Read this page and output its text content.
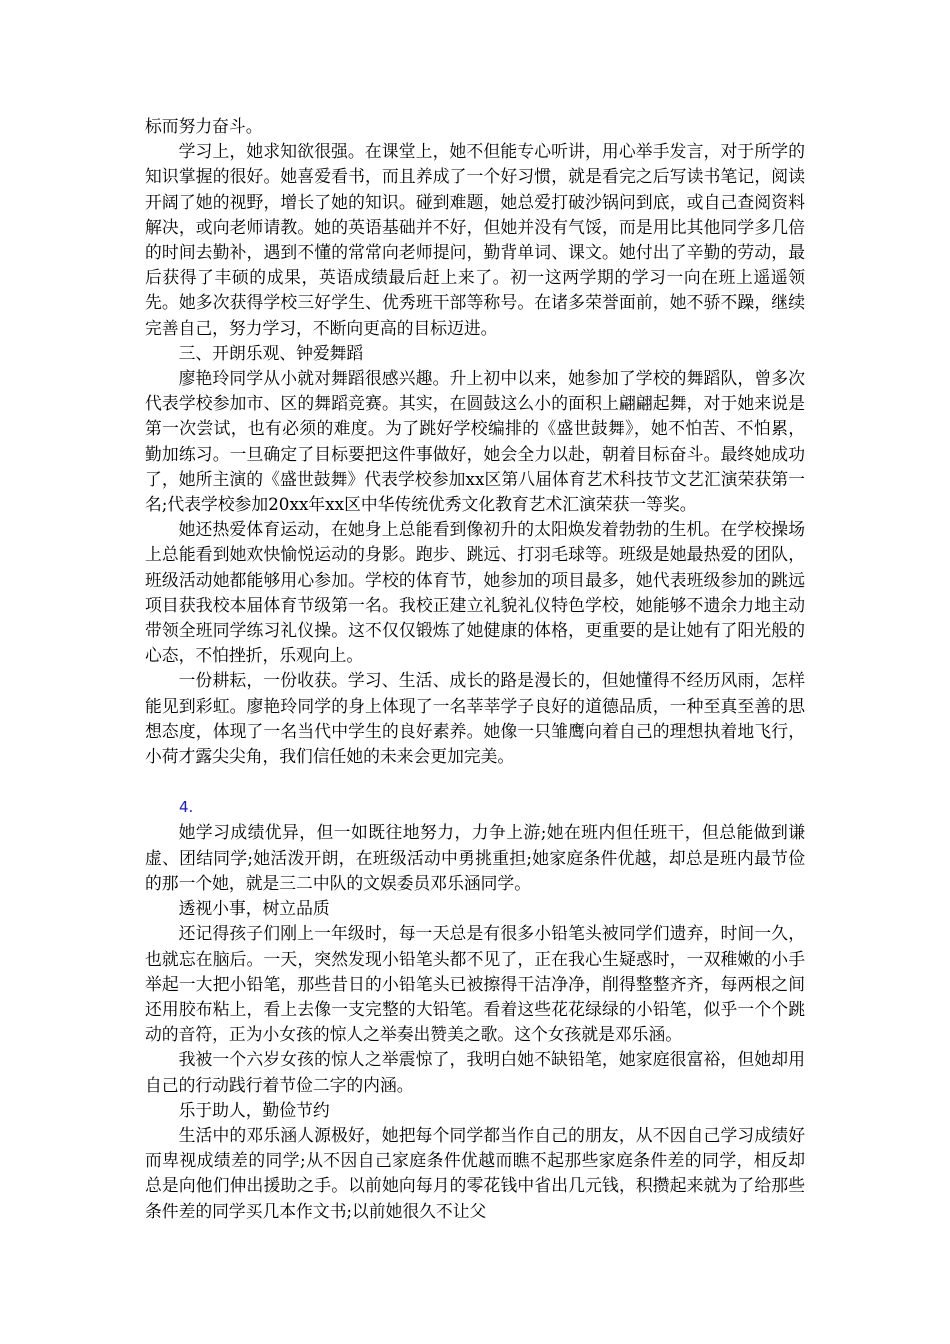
标而努力奋斗。

学习上，她求知欲很强。在课堂上，她不但能专心听讲，用心举手发言，对于所学的知识掌握的很好。她喜爱看书，而且养成了一个好习惯，就是看完之后写读书笔记，阅读开阔了她的视野，增长了她的知识。碰到难题，她总爱打破沙锅问到底，或自己查阅资料解决，或向老师请教。她的英语基础并不好，但她并没有气馁，而是用比其他同学多几倍的时间去勤补，遇到不懂的常常向老师提问，勤背单词、课文。她付出了辛勤的劳动，最后获得了丰硕的成果，英语成绩最后赶上来了。初一这两学期的学习一向在班上遥遥领先。她多次获得学校三好学生、优秀班干部等称号。在诸多荣誉面前，她不骄不躁，继续完善自己，努力学习，不断向更高的目标迈进。

三、开朗乐观、钟爱舞蹈

廖艳玲同学从小就对舞蹈很感兴趣。升上初中以来，她参加了学校的舞蹈队，曾多次代表学校参加市、区的舞蹈竞赛。其实，在圆鼓这么小的面积上翩翩起舞，对于她来说是第一次尝试，也有必须的难度。为了跳好学校编排的《盛世鼓舞》，她不怕苦、不怕累，勤加练习。一旦确定了目标要把这件事做好，她会全力以赴，朝着目标奋斗。最终她成功了，她所主演的《盛世鼓舞》代表学校参加xx区第八届体育艺术科技节文艺汇演荣获第一名;代表学校参加20xx年xx区中华传统优秀文化教育艺术汇演荣获一等奖。

她还热爱体育运动，在她身上总能看到像初升的太阳焕发着勃勃的生机。在学校操场上总能看到她欢快愉悦运动的身影。跑步、跳远、打羽毛球等。班级是她最热爱的团队，班级活动她都能够用心参加。学校的体育节，她参加的项目最多，她代表班级参加的跳远项目获我校本届体育节级第一名。我校正建立礼貌礼仪特色学校，她能够不遗余力地主动带领全班同学练习礼仪操。这不仅仅锻炼了她健康的体格，更重要的是让她有了阳光般的心态，不怕挫折，乐观向上。

一份耕耘，一份收获。学习、生活、成长的路是漫长的，但她懂得不经历风雨，怎样能见到彩虹。廖艳玲同学的身上体现了一名莘莘学子良好的道德品质，一种至真至善的思想态度，体现了一名当代中学生的良好素养。她像一只雏鹰向着自己的理想执着地飞行，小荷才露尖尖角，我们信任她的未来会更加完美。

4.

她学习成绩优异，但一如既往地努力，力争上游;她在班内但任班干，但总能做到谦虚、团结同学;她活泼开朗，在班级活动中勇挑重担;她家庭条件优越，却总是班内最节俭的那一个她，就是三二中队的文娱委员邓乐涵同学。

透视小事，树立品质

还记得孩子们刚上一年级时，每一天总是有很多小铅笔头被同学们遗弃，时间一久，也就忘在脑后。一天，突然发现小铅笔头都不见了，正在我心生疑惑时，一双稚嫩的小手举起一大把小铅笔，那些昔日的小铅笔头已被擦得干洁净净，削得整整齐齐，每两根之间还用胶布粘上，看上去像一支完整的大铅笔。看着这些花花绿绿的小铅笔，似乎一个个跳动的音符，正为小女孩的惊人之举奏出赞美之歌。这个女孩就是邓乐涵。

我被一个六岁女孩的惊人之举震惊了，我明白她不缺铅笔，她家庭很富裕，但她却用自己的行动践行着节俭二字的内涵。

乐于助人，勤俭节约

生活中的邓乐涵人源极好，她把每个同学都当作自己的朋友，从不因自己学习成绩好而卑视成绩差的同学;从不因自己家庭条件优越而瞧不起那些家庭条件差的同学，相反却总是向他们伸出援助之手。以前她向每月的零花钱中省出几元钱，积攒起来就为了给那些条件差的同学买几本作文书;以前她很久不让父
